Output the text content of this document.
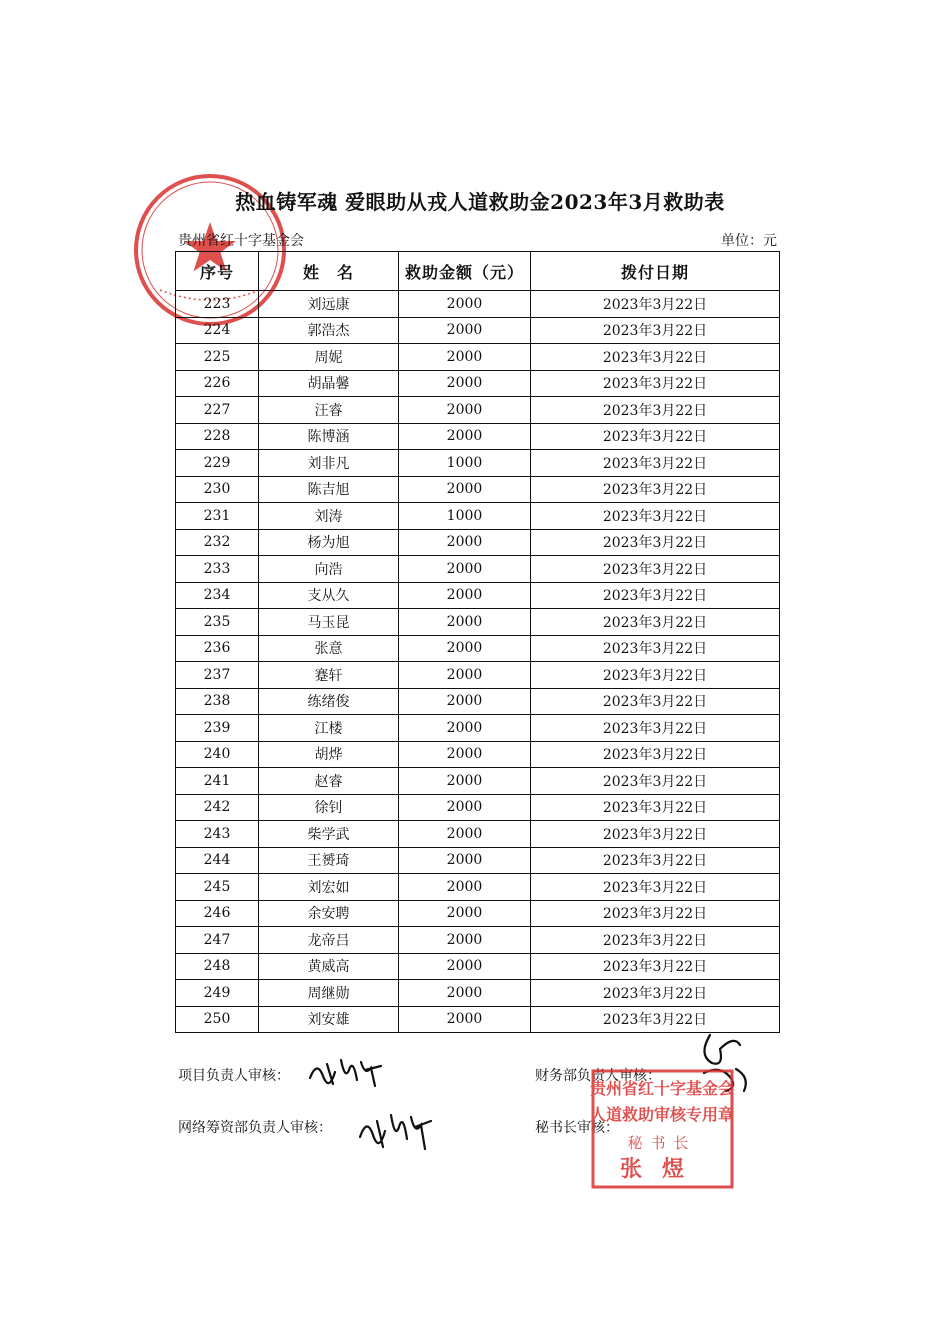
热血铸军魂 爱眼助从戎人道救助金2023年3月救助表
贵州省红十字基金会	单位：元
序号	姓　名	救助金额（元）	拨付日期
223	刘远康	2000	2023年3月22日
224	郭浩杰	2000	2023年3月22日
225	周妮	2000	2023年3月22日
226	胡晶馨	2000	2023年3月22日
227	汪睿	2000	2023年3月22日
228	陈博涵	2000	2023年3月22日
229	刘非凡	1000	2023年3月22日
230	陈吉旭	2000	2023年3月22日
231	刘涛	1000	2023年3月22日
232	杨为旭	2000	2023年3月22日
233	向浩	2000	2023年3月22日
234	支从久	2000	2023年3月22日
235	马玉昆	2000	2023年3月22日
236	张意	2000	2023年3月22日
237	蹇轩	2000	2023年3月22日
238	练绪俊	2000	2023年3月22日
239	江楼	2000	2023年3月22日
240	胡烨	2000	2023年3月22日
241	赵睿	2000	2023年3月22日
242	徐钊	2000	2023年3月22日
243	柴学武	2000	2023年3月22日
244	王赟琦	2000	2023年3月22日
245	刘宏如	2000	2023年3月22日
246	余安聘	2000	2023年3月22日
247	龙帝吕	2000	2023年3月22日
248	黄威高	2000	2023年3月22日
249	周继勋	2000	2023年3月22日
250	刘安雄	2000	2023年3月22日
项目负责人审核：	财务部负责人审核：
网络筹资部负责人审核：	秘书长审核：
贵州省红十字基金会
人道救助审核专用章
秘书长
张煜
